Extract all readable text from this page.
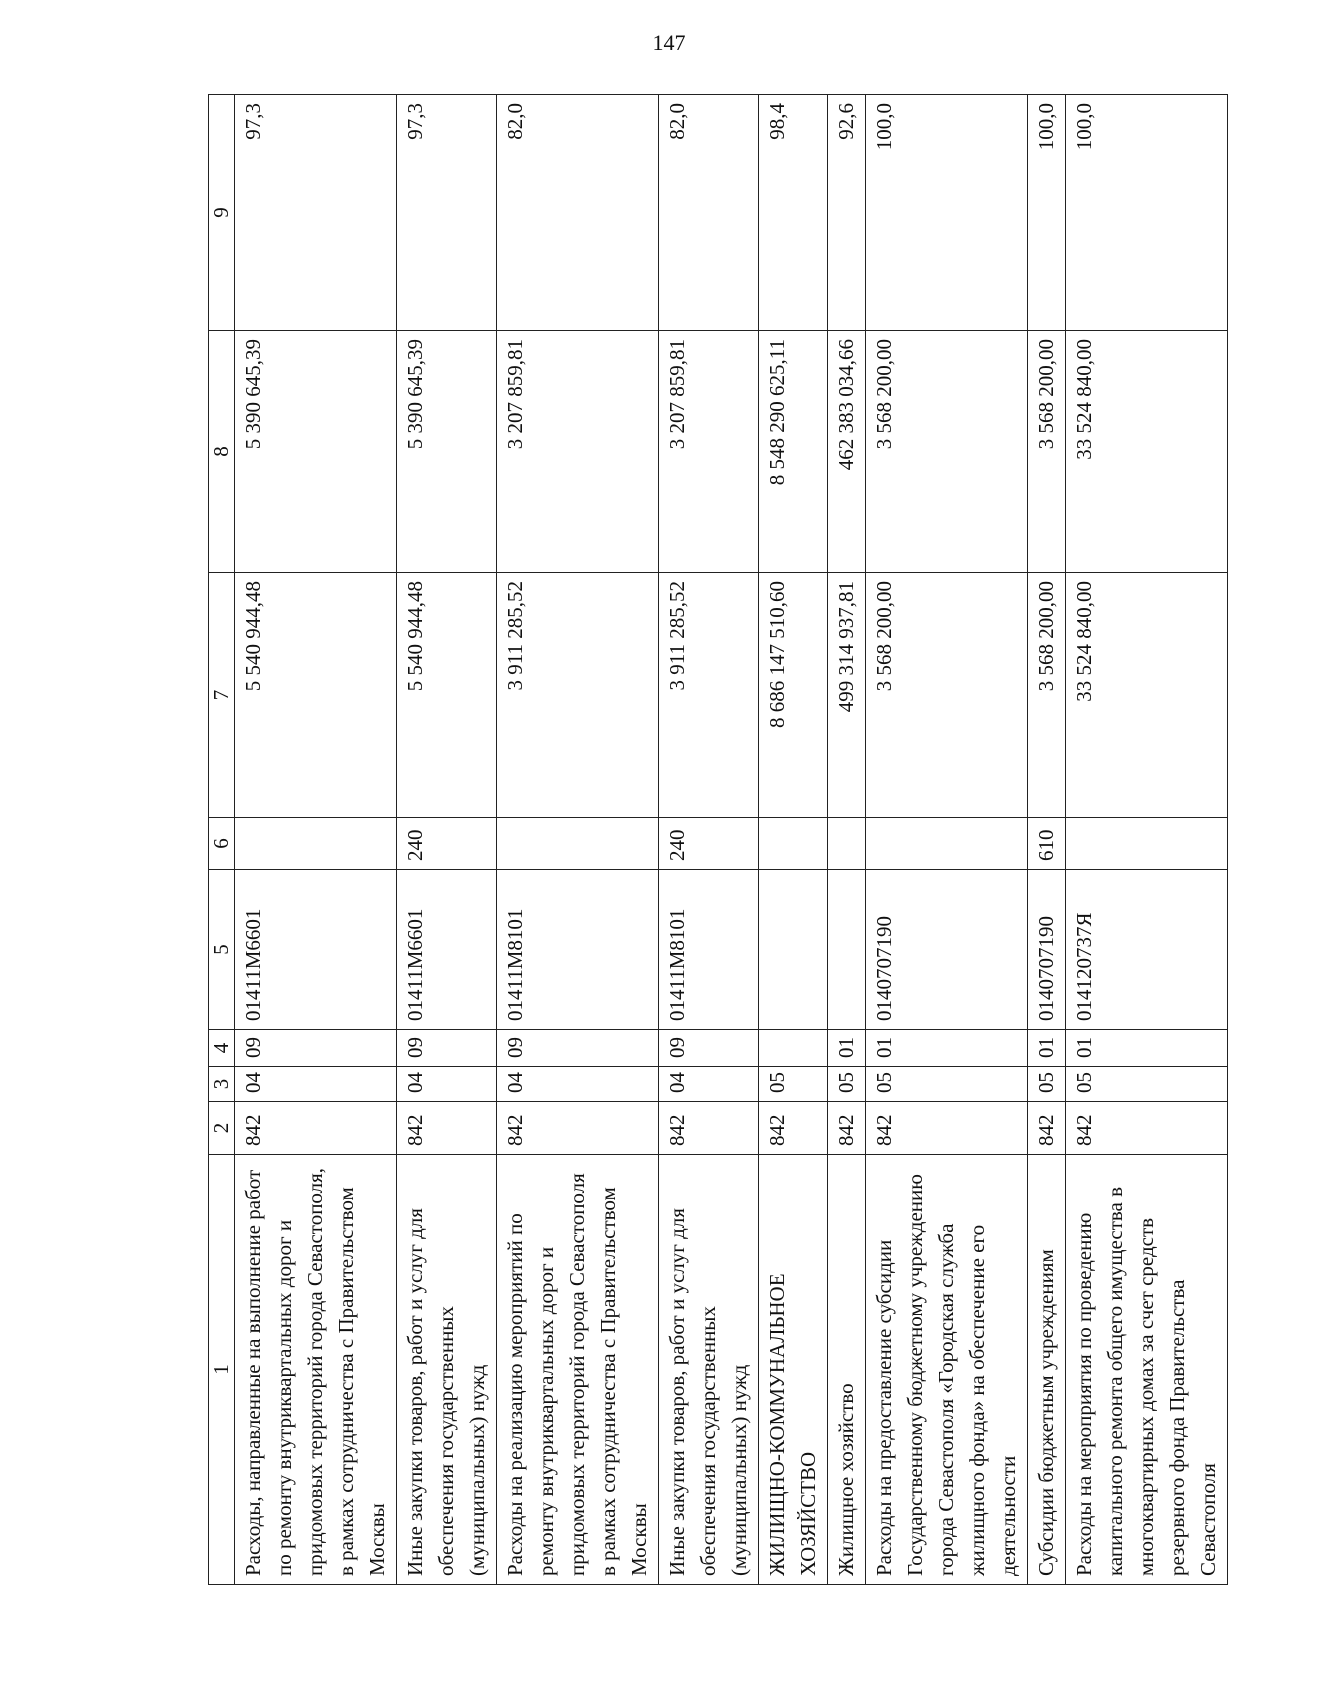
147
1	2	3	4	5	6	7	8	9
Расходы, направленные на выполнение работ по ремонту внутриквартальных дорог и придомовых территорий города Севастополя, в рамках сотрудничества с Правительством Москвы	842	04	09	01411M6601		5 540 944,48	5 390 645,39	97,3
Иные закупки товаров, работ и услуг для обеспечения государственных (муниципальных) нужд	842	04	09	01411M6601	240	5 540 944,48	5 390 645,39	97,3
Расходы на реализацию мероприятий по ремонту внутриквартальных дорог и придомовых территорий города Севастополя в рамках сотрудничества с Правительством Москвы	842	04	09	01411M8101		3 911 285,52	3 207 859,81	82,0
Иные закупки товаров, работ и услуг для обеспечения государственных (муниципальных) нужд	842	04	09	01411M8101	240	3 911 285,52	3 207 859,81	82,0
ЖИЛИЩНО-КОММУНАЛЬНОЕ ХОЗЯЙСТВО	842	05				8 686 147 510,60	8 548 290 625,11	98,4
Жилищное хозяйство	842	05	01			499 314 937,81	462 383 034,66	92,6
Расходы на предоставление субсидии Государственному бюджетному учреждению города Севастополя «Городская служба жилищного фонда» на обеспечение его деятельности	842	05	01	0140707190		3 568 200,00	3 568 200,00	100,0
Субсидии бюджетным учреждениям	842	05	01	0140707190	610	3 568 200,00	3 568 200,00	100,0
Расходы на мероприятия по проведению капитального ремонта общего имущества в многоквартирных домах за счет средств резервного фонда Правительства Севастополя	842	05	01	014120737Я		33 524 840,00	33 524 840,00	100,0
